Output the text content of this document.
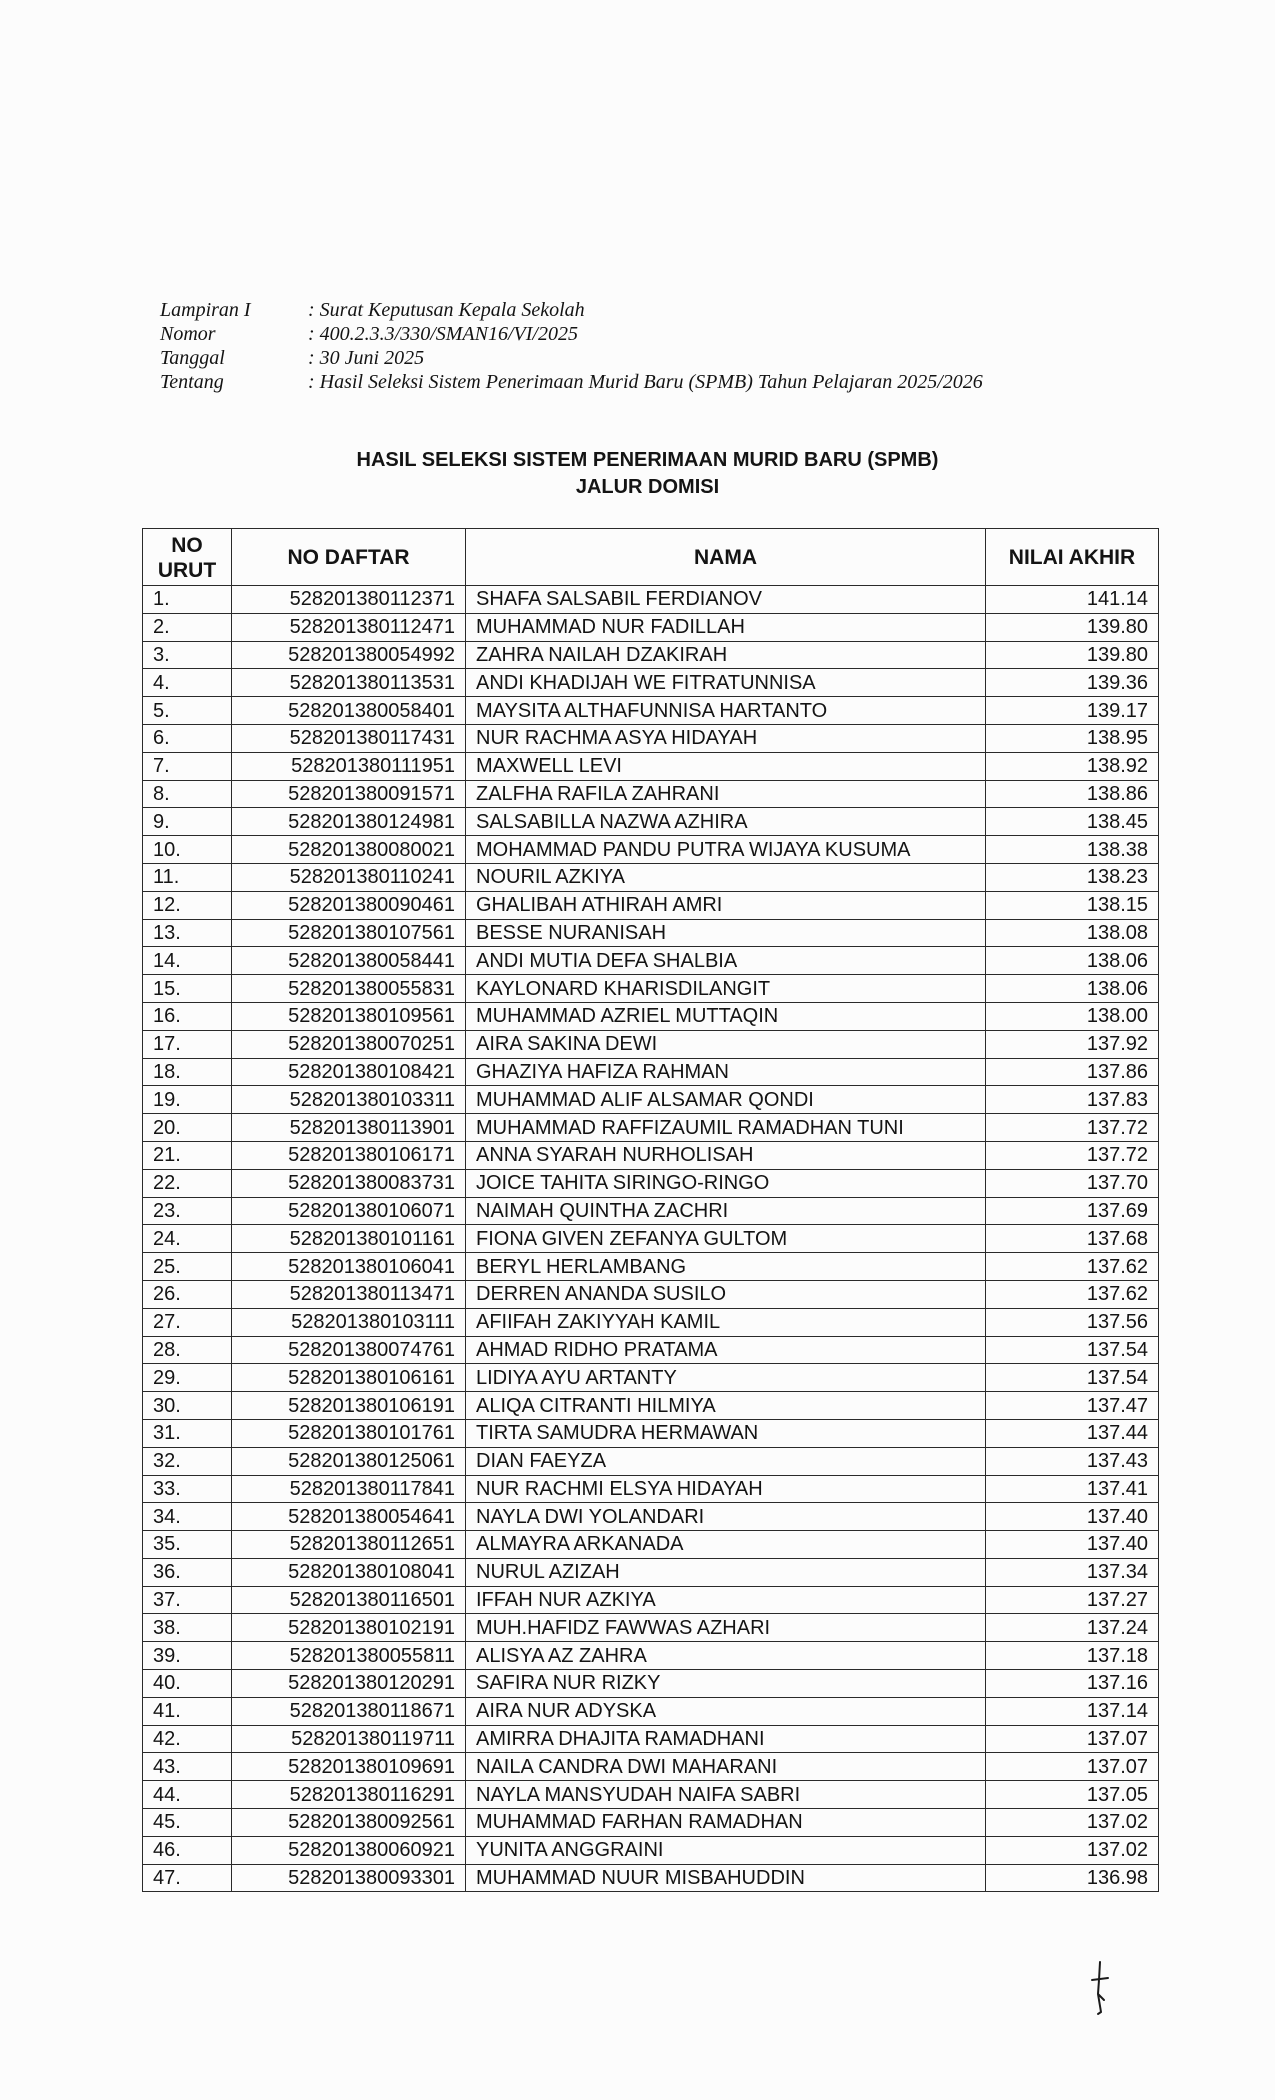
Lampiran I	: Surat Keputusan Kepala Sekolah
Nomor	: 400.2.3.3/330/SMAN16/VI/2025
Tanggal	: 30 Juni 2025
Tentang	: Hasil Seleksi Sistem Penerimaan Murid Baru (SPMB) Tahun Pelajaran 2025/2026
HASIL SELEKSI SISTEM PENERIMAAN MURID BARU (SPMB)
JALUR DOMISI
NO
URUT	NO DAFTAR	NAMA	NILAI AKHIR
1.	528201380112371	SHAFA SALSABIL FERDIANOV	141.14
2.	528201380112471	MUHAMMAD NUR FADILLAH	139.80
3.	528201380054992	ZAHRA NAILAH DZAKIRAH	139.80
4.	528201380113531	ANDI KHADIJAH WE FITRATUNNISA	139.36
5.	528201380058401	MAYSITA ALTHAFUNNISA HARTANTO	139.17
6.	528201380117431	NUR RACHMA ASYA HIDAYAH	138.95
7.	528201380111951	MAXWELL LEVI	138.92
8.	528201380091571	ZALFHA RAFILA ZAHRANI	138.86
9.	528201380124981	SALSABILLA NAZWA AZHIRA	138.45
10.	528201380080021	MOHAMMAD PANDU PUTRA WIJAYA KUSUMA	138.38
11.	528201380110241	NOURIL AZKIYA	138.23
12.	528201380090461	GHALIBAH ATHIRAH AMRI	138.15
13.	528201380107561	BESSE NURANISAH	138.08
14.	528201380058441	ANDI MUTIA DEFA SHALBIA	138.06
15.	528201380055831	KAYLONARD KHARISDILANGIT	138.06
16.	528201380109561	MUHAMMAD AZRIEL MUTTAQIN	138.00
17.	528201380070251	AIRA SAKINA DEWI	137.92
18.	528201380108421	GHAZIYA HAFIZA RAHMAN	137.86
19.	528201380103311	MUHAMMAD ALIF ALSAMAR QONDI	137.83
20.	528201380113901	MUHAMMAD RAFFIZAUMIL RAMADHAN TUNI	137.72
21.	528201380106171	ANNA SYARAH NURHOLISAH	137.72
22.	528201380083731	JOICE TAHITA SIRINGO-RINGO	137.70
23.	528201380106071	NAIMAH QUINTHA ZACHRI	137.69
24.	528201380101161	FIONA GIVEN ZEFANYA GULTOM	137.68
25.	528201380106041	BERYL HERLAMBANG	137.62
26.	528201380113471	DERREN ANANDA SUSILO	137.62
27.	528201380103111	AFIIFAH ZAKIYYAH KAMIL	137.56
28.	528201380074761	AHMAD RIDHO PRATAMA	137.54
29.	528201380106161	LIDIYA AYU ARTANTY	137.54
30.	528201380106191	ALIQA CITRANTI HILMIYA	137.47
31.	528201380101761	TIRTA SAMUDRA HERMAWAN	137.44
32.	528201380125061	DIAN FAEYZA	137.43
33.	528201380117841	NUR RACHMI ELSYA HIDAYAH	137.41
34.	528201380054641	NAYLA DWI YOLANDARI	137.40
35.	528201380112651	ALMAYRA ARKANADA	137.40
36.	528201380108041	NURUL AZIZAH	137.34
37.	528201380116501	IFFAH NUR AZKIYA	137.27
38.	528201380102191	MUH.HAFIDZ FAWWAS AZHARI	137.24
39.	528201380055811	ALISYA AZ ZAHRA	137.18
40.	528201380120291	SAFIRA NUR RIZKY	137.16
41.	528201380118671	AIRA NUR ADYSKA	137.14
42.	528201380119711	AMIRRA DHAJITA RAMADHANI	137.07
43.	528201380109691	NAILA CANDRA DWI MAHARANI	137.07
44.	528201380116291	NAYLA MANSYUDAH NAIFA SABRI	137.05
45.	528201380092561	MUHAMMAD FARHAN RAMADHAN	137.02
46.	528201380060921	YUNITA ANGGRAINI	137.02
47.	528201380093301	MUHAMMAD NUUR MISBAHUDDIN	136.98
